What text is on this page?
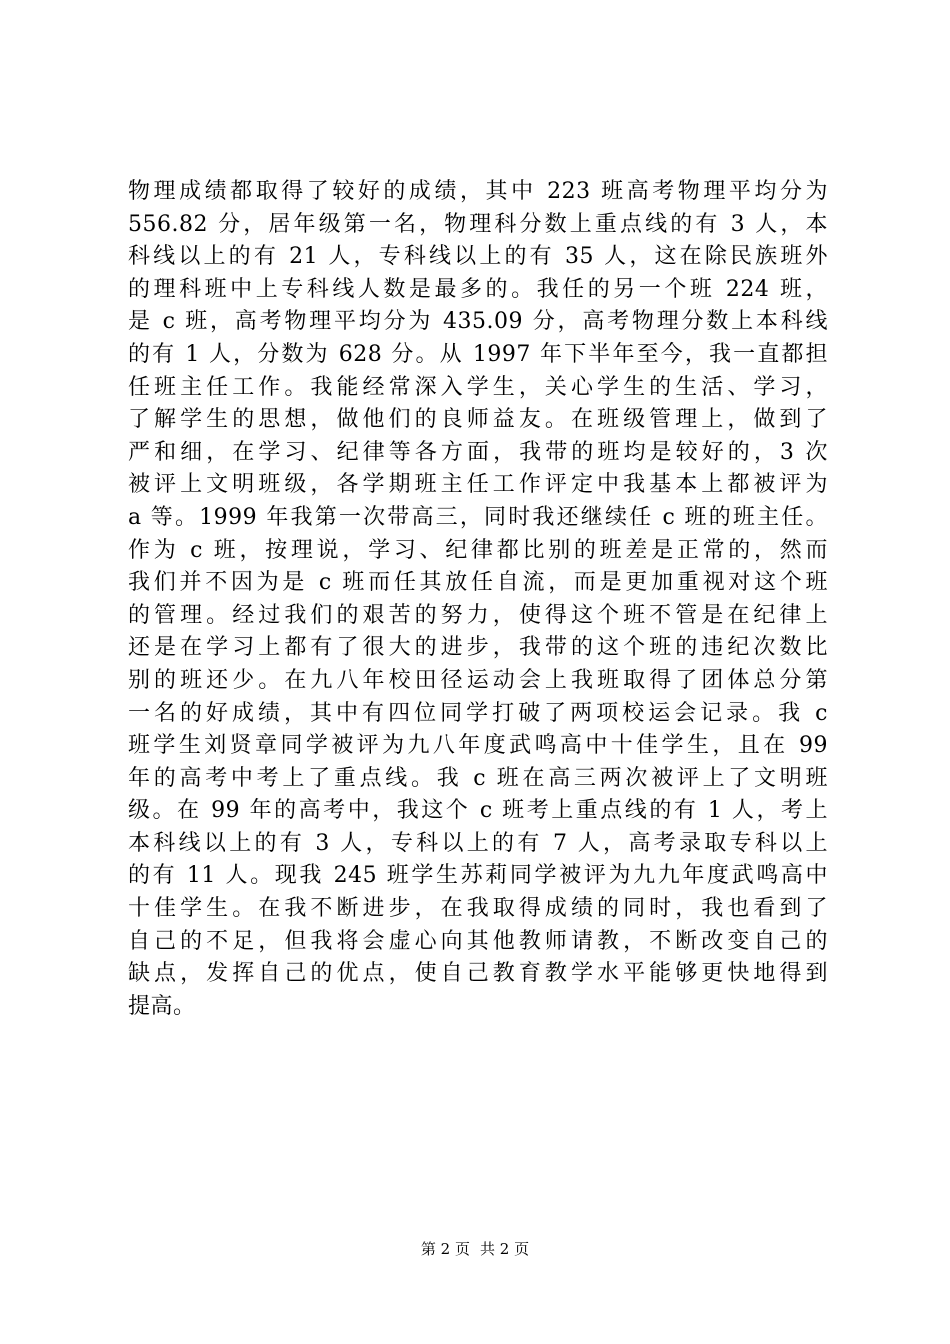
物理成绩都取得了较好的成绩，其中 223 班高考物理平均分为
556.82 分，居年级第一名，物理科分数上重点线的有 3 人，本
科线以上的有 21 人，专科线以上的有 35 人，这在除民族班外
的理科班中上专科线人数是最多的。我任的另一个班 224 班，
是 c 班，高考物理平均分为 435.09 分，高考物理分数上本科线
的有 1 人，分数为 628 分。从 1997 年下半年至今，我一直都担
任班主任工作。我能经常深入学生，关心学生的生活、学习，
了解学生的思想，做他们的良师益友。在班级管理上，做到了
严和细，在学习、纪律等各方面，我带的班均是较好的，3 次
被评上文明班级，各学期班主任工作评定中我基本上都被评为
a 等。1999 年我第一次带高三，同时我还继续任 c 班的班主任。
作为 c 班，按理说，学习、纪律都比别的班差是正常的，然而
我们并不因为是 c 班而任其放任自流，而是更加重视对这个班
的管理。经过我们的艰苦的努力，使得这个班不管是在纪律上
还是在学习上都有了很大的进步，我带的这个班的违纪次数比
别的班还少。在九八年校田径运动会上我班取得了团体总分第
一名的好成绩，其中有四位同学打破了两项校运会记录。我 c
班学生刘贤章同学被评为九八年度武鸣高中十佳学生，且在 99
年的高考中考上了重点线。我 c 班在高三两次被评上了文明班
级。在 99 年的高考中，我这个 c 班考上重点线的有 1 人，考上
本科线以上的有 3 人，专科以上的有 7 人，高考录取专科以上
的有 11 人。现我 245 班学生苏莉同学被评为九九年度武鸣高中
十佳学生。在我不断进步，在我取得成绩的同时，我也看到了
自己的不足，但我将会虚心向其他教师请教，不断改变自己的
缺点，发挥自己的优点，使自己教育教学水平能够更快地得到
提高。
第 2 页 共 2 页
